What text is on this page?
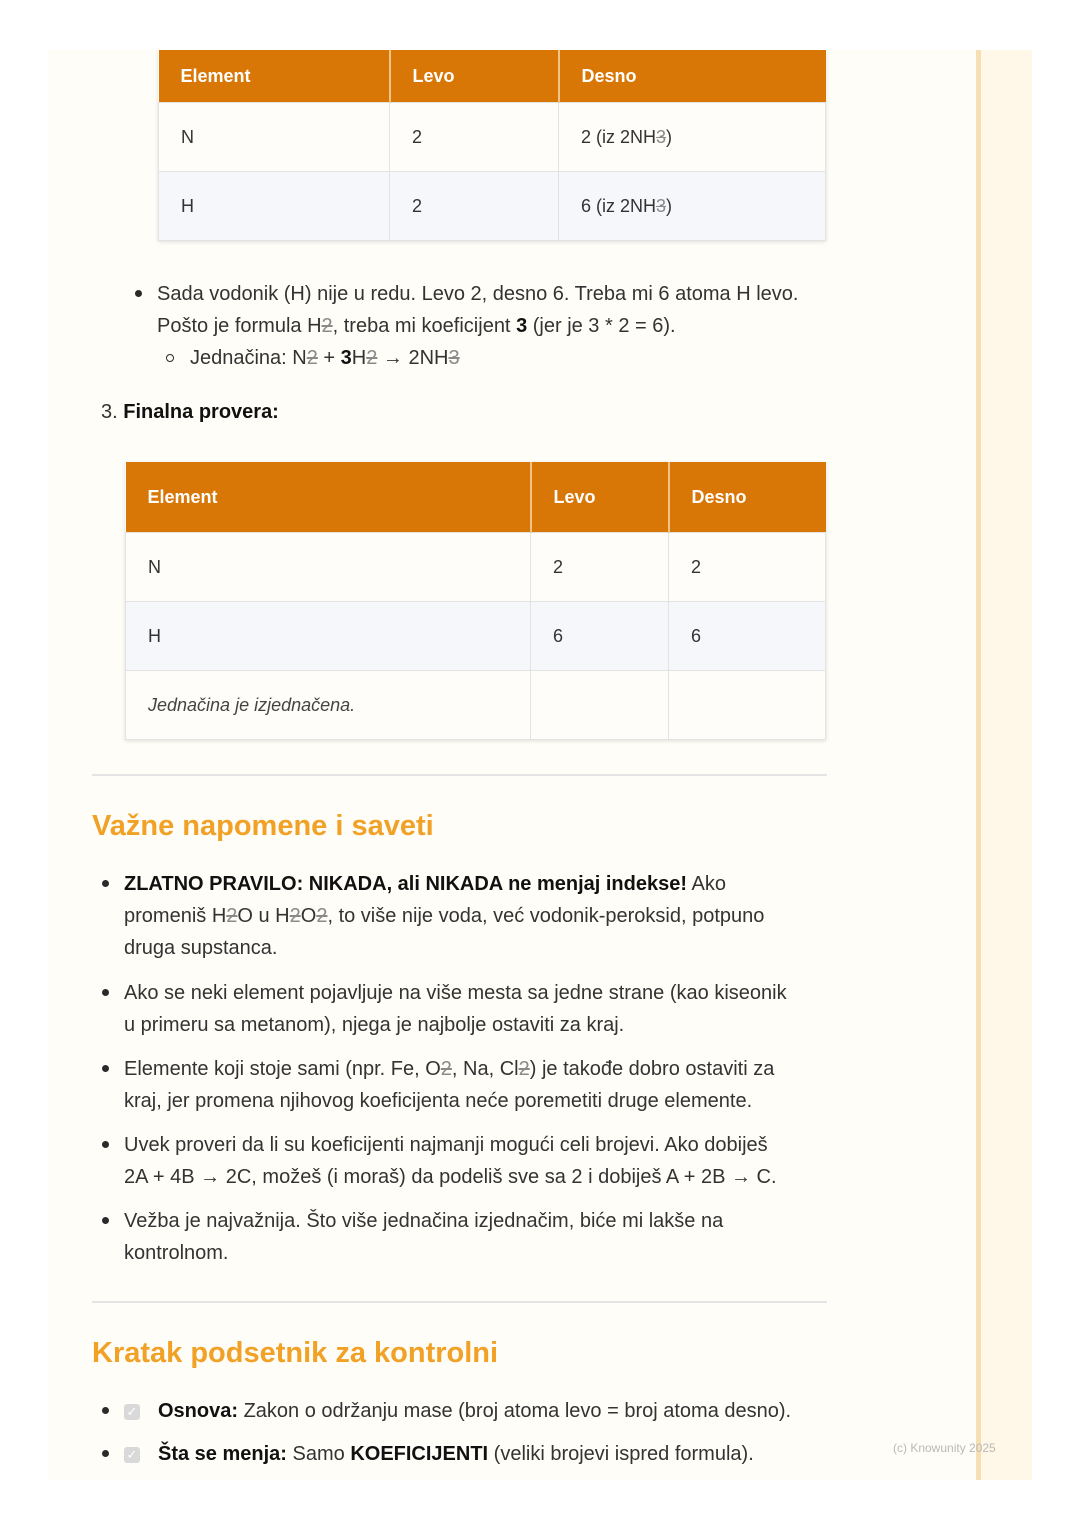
Element	Levo	Desno
N	2	2 (iz 2NH3)
H	2	6 (iz 2NH3)
Sada vodonik (H) nije u redu. Levo 2, desno 6. Treba mi 6 atoma H levo.
Pošto je formula H2, treba mi koeficijent 3 (jer je 3 * 2 = 6).
Jednačina: N2 + 3H2 → 2NH3
3. Finalna provera:
Element	Levo	Desno
N	2	2
H	6	6
Jednačina je izjednačena.		
Važne napomene i saveti
ZLATNO PRAVILO: NIKADA, ali NIKADA ne menjaj indekse! Ako
promeniš H2O u H2O2, to više nije voda, već vodonik-peroksid, potpuno
druga supstanca.
Ako se neki element pojavljuje na više mesta sa jedne strane (kao kiseonik
u primeru sa metanom), njega je najbolje ostaviti za kraj.
Elemente koji stoje sami (npr. Fe, O2, Na, Cl2) je takođe dobro ostaviti za
kraj, jer promena njihovog koeficijenta neće poremetiti druge elemente.
Uvek proveri da li su koeficijenti najmanji mogući celi brojevi. Ako dobiješ
2A + 4B → 2C, možeš (i moraš) da podeliš sve sa 2 i dobiješ A + 2B → C.
Vežba je najvažnija. Što više jednačina izjednačim, biće mi lakše na
kontrolnom.
Kratak podsetnik za kontrolni
✓ Osnova: Zakon o održanju mase (broj atoma levo = broj atoma desno).
✓ Šta se menja: Samo KOEFICIJENTI (veliki brojevi ispred formula).	(c) Knowunity 2025
